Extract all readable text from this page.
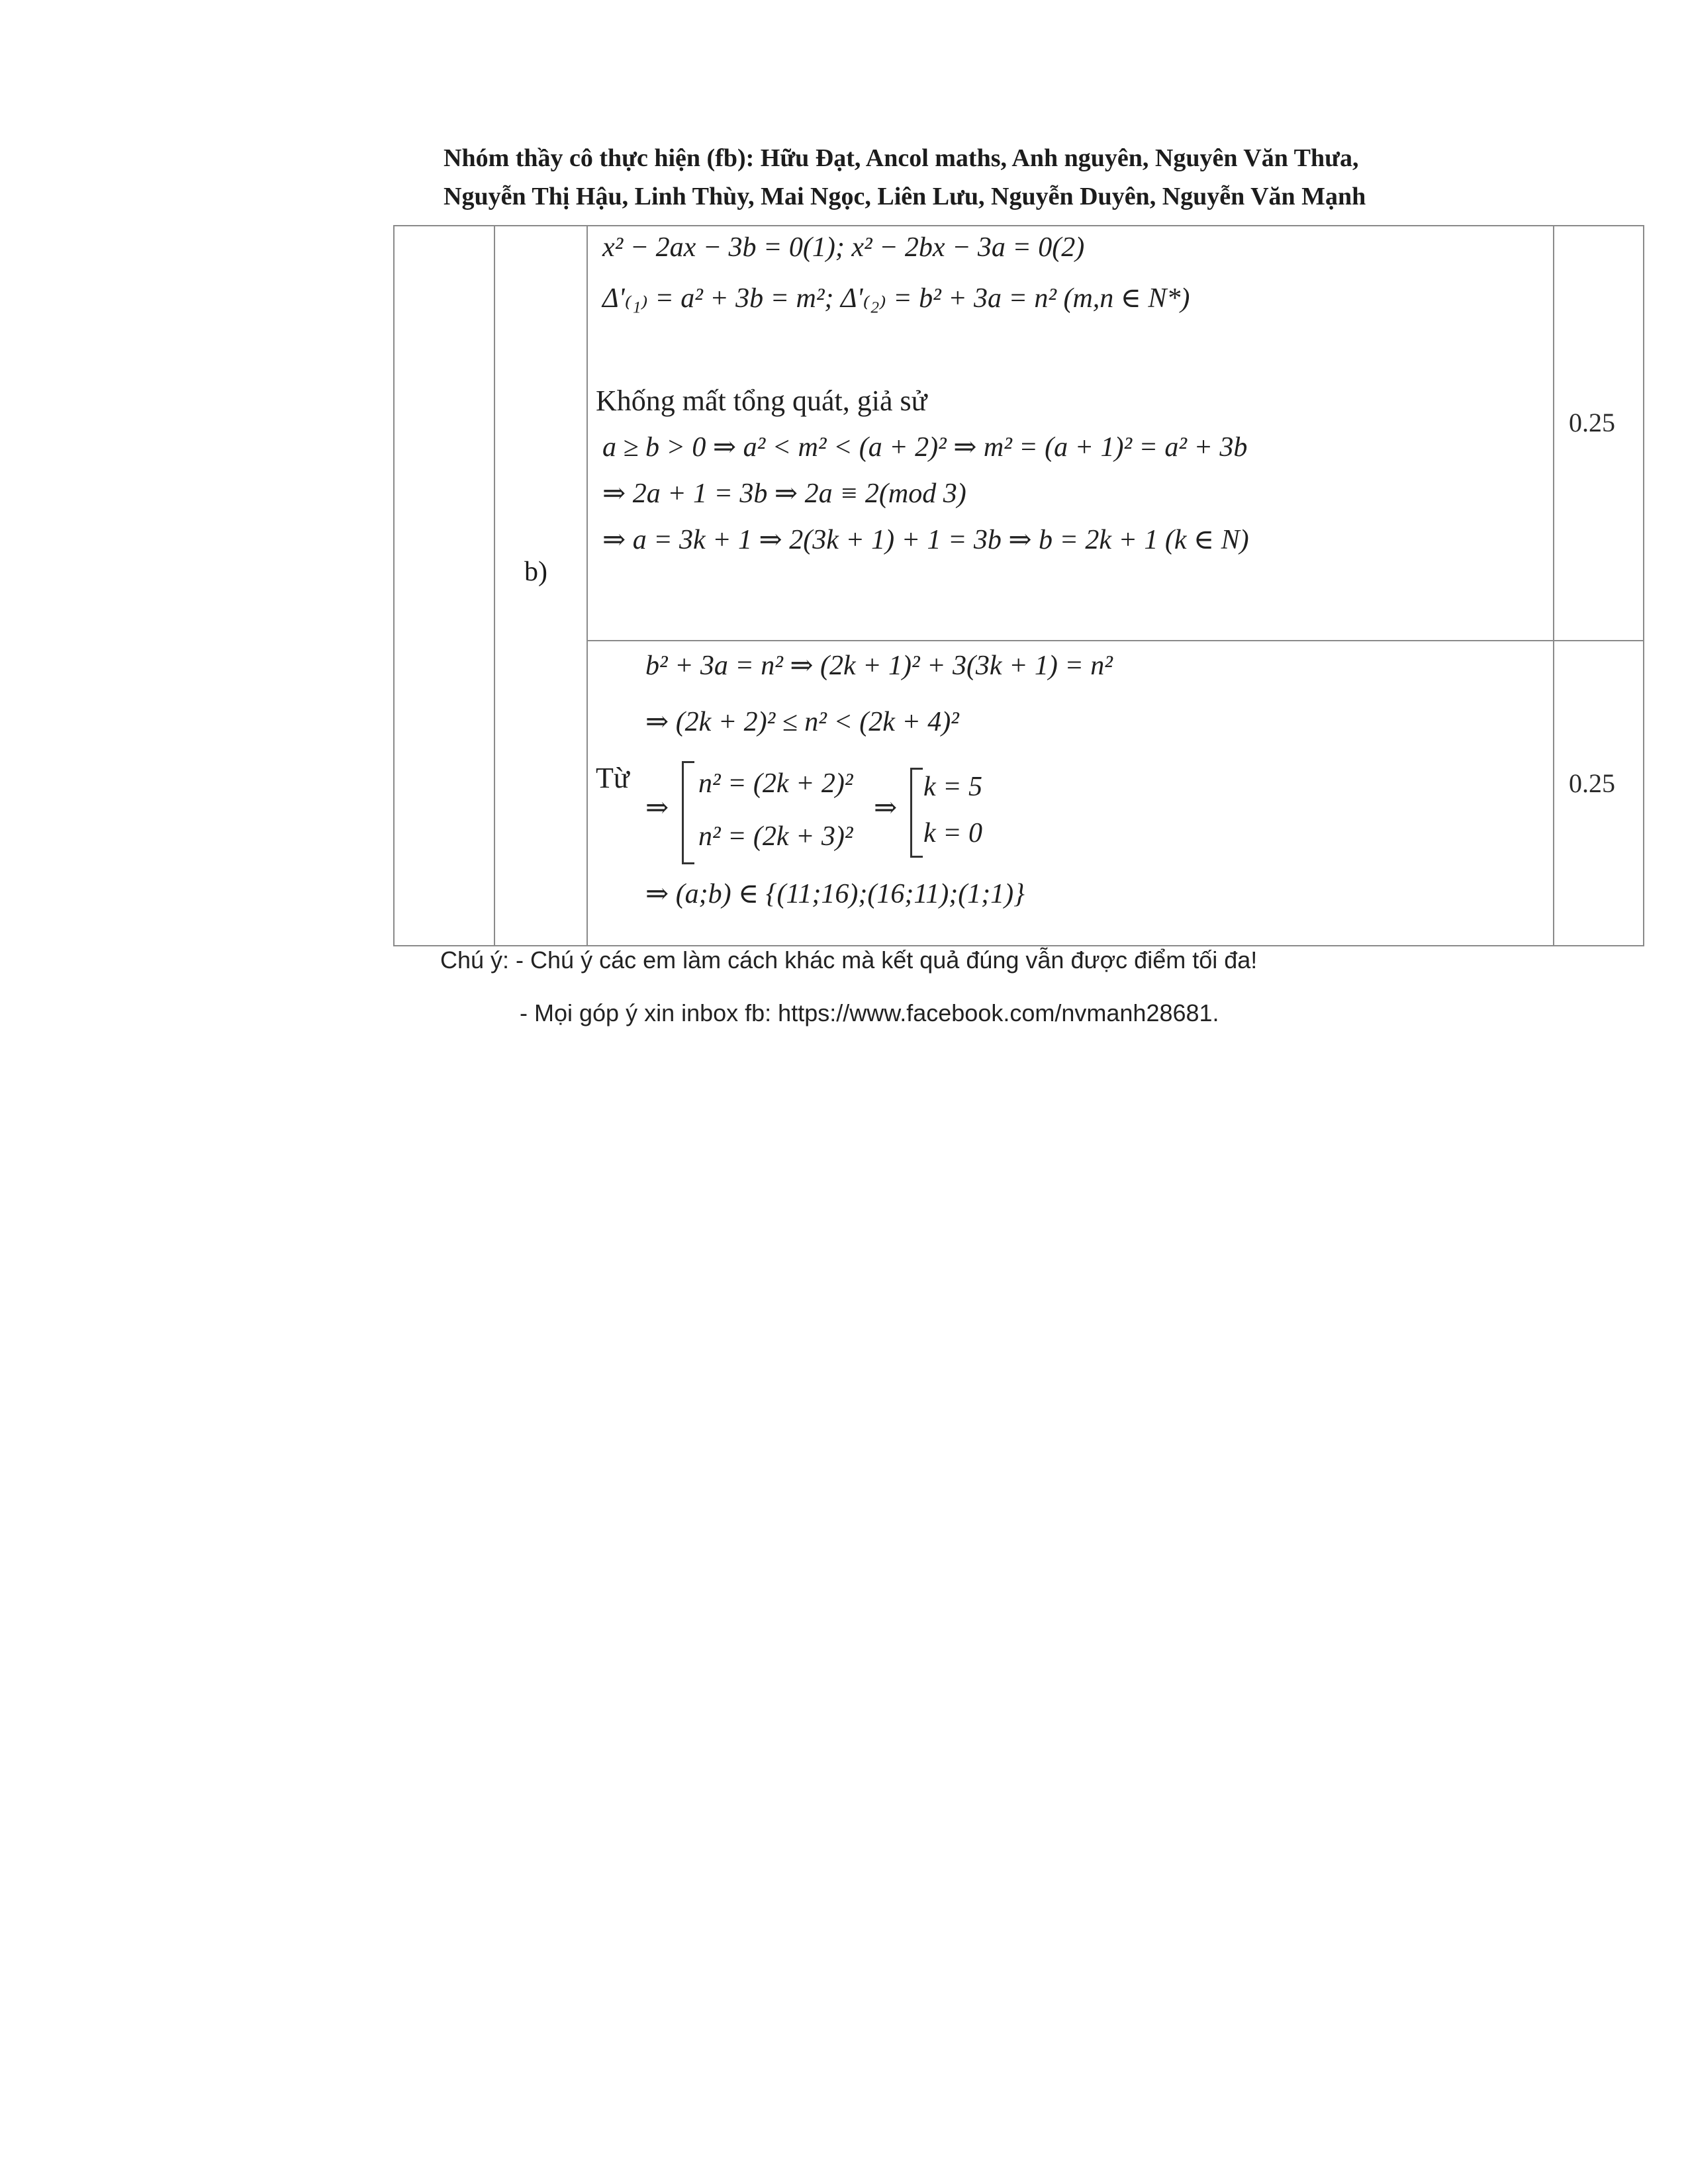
Nhóm thầy cô thực hiện (fb): Hữu Đạt, Ancol maths, Anh nguyên, Nguyên Văn Thưa,
Nguyễn Thị Hậu, Linh Thùy, Mai Ngọc, Liên Lưu, Nguyễn Duyên, Nguyễn Văn Mạnh
b)
x² − 2ax − 3b = 0(1); x² − 2bx − 3a = 0(2)
Δ'₍₁₎ = a² + 3b = m²; Δ'₍₂₎ = b² + 3a = n² (m,n ∈ N*)
Khống mất tổng quát, giả sử
a ≥ b > 0 ⇒ a² < m² < (a + 2)² ⇒ m² = (a + 1)² = a² + 3b
⇒ 2a + 1 = 3b ⇒ 2a ≡ 2(mod 3)
⇒ a = 3k + 1 ⇒ 2(3k + 1) + 1 = 3b ⇒ b = 2k + 1 (k ∈ N)
0.25
b² + 3a = n² ⇒ (2k + 1)² + 3(3k + 1) = n²
⇒ (2k + 2)² ≤ n² < (2k + 4)²
Từ
⇒
n² = (2k + 2)²
n² = (2k + 3)²
⇒
k = 5
k = 0
⇒ (a;b) ∈ {(11;16);(16;11);(1;1)}
0.25
Chú ý: - Chú ý các em làm cách khác mà kết quả đúng vẫn được điểm tối đa!
- Mọi góp ý xin inbox fb: https://www.facebook.com/nvmanh28681.
